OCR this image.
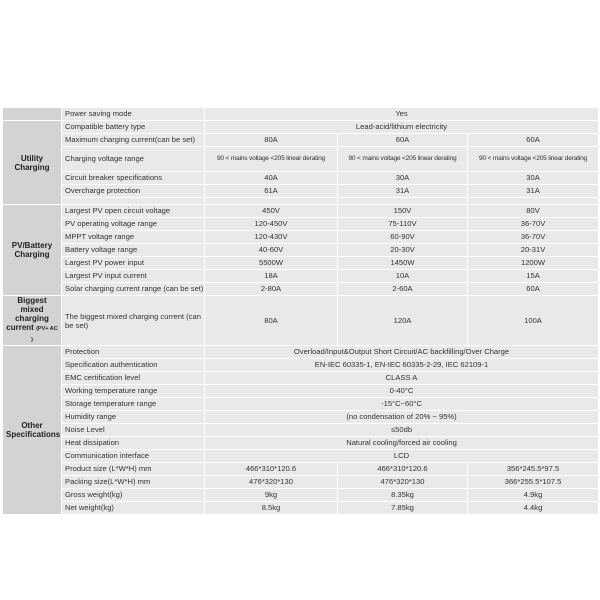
	Power saving mode	Yes		
Utility Charging	Compatible battery type	Lead-acid/lithium electricity		
	Maximum charging current(can be set)	80A	60A	60A
	Charging voltage range	90 < mains voltage <205 linear derating	90 < mains voltage <205 linear derating	90 < mains voltage <205 linear derating
	Circuit breaker specifications	40A	30A	30A
	Overcharge protection	61A	31A	31A

PV/Battery Charging	Largest PV open circuit voltage	450V	150V	80V
	PV operating voltage range	120-450V	75-110V	36-70V
	MPPT voltage range	120-430V	60-90V	36-70V
	Battery voltage range	40-60V	20-30V	20-31V
	Largest PV power input	5500W	1450W	1200W
	Largest PV input current	18A	10A	15A
	Solar charging current range (can be set)	2-80A	2-60A	60A
Biggest mixed charging current (PV+ AC )	The biggest mixed charging current (can be set)	80A	120A	100A
Other Specifications	Protection	Overload/Input&Output Short Circuit/AC backfilling/Over Charge		
	Specification authentication	EN-IEC 60335-1, EN-IEC 60335-2-29, IEC 62109-1		
	EMC certification level	CLASS A		
	Working temperature range	0-40°C		
	Storage temperature range	-15°C~60°C		
	Humidity range	(no condensation of 20% ~ 95%)		
	Noise Level	≤50db		
	Heat dissipation	Natural cooling/forced air cooling		
	Communication interface	LCD		
	Product size (L*W*H) mm	466*310*120.6	466*310*120.6	356*245.5*97.5
	Packing size(L*W*H) mm	476*320*130	476*320*130	366*255.5*107.5
	Gross weight(kg)	9kg	8.35kg	4.9kg
	Net weight(kg)	8.5kg	7.85kg	4.4kg
